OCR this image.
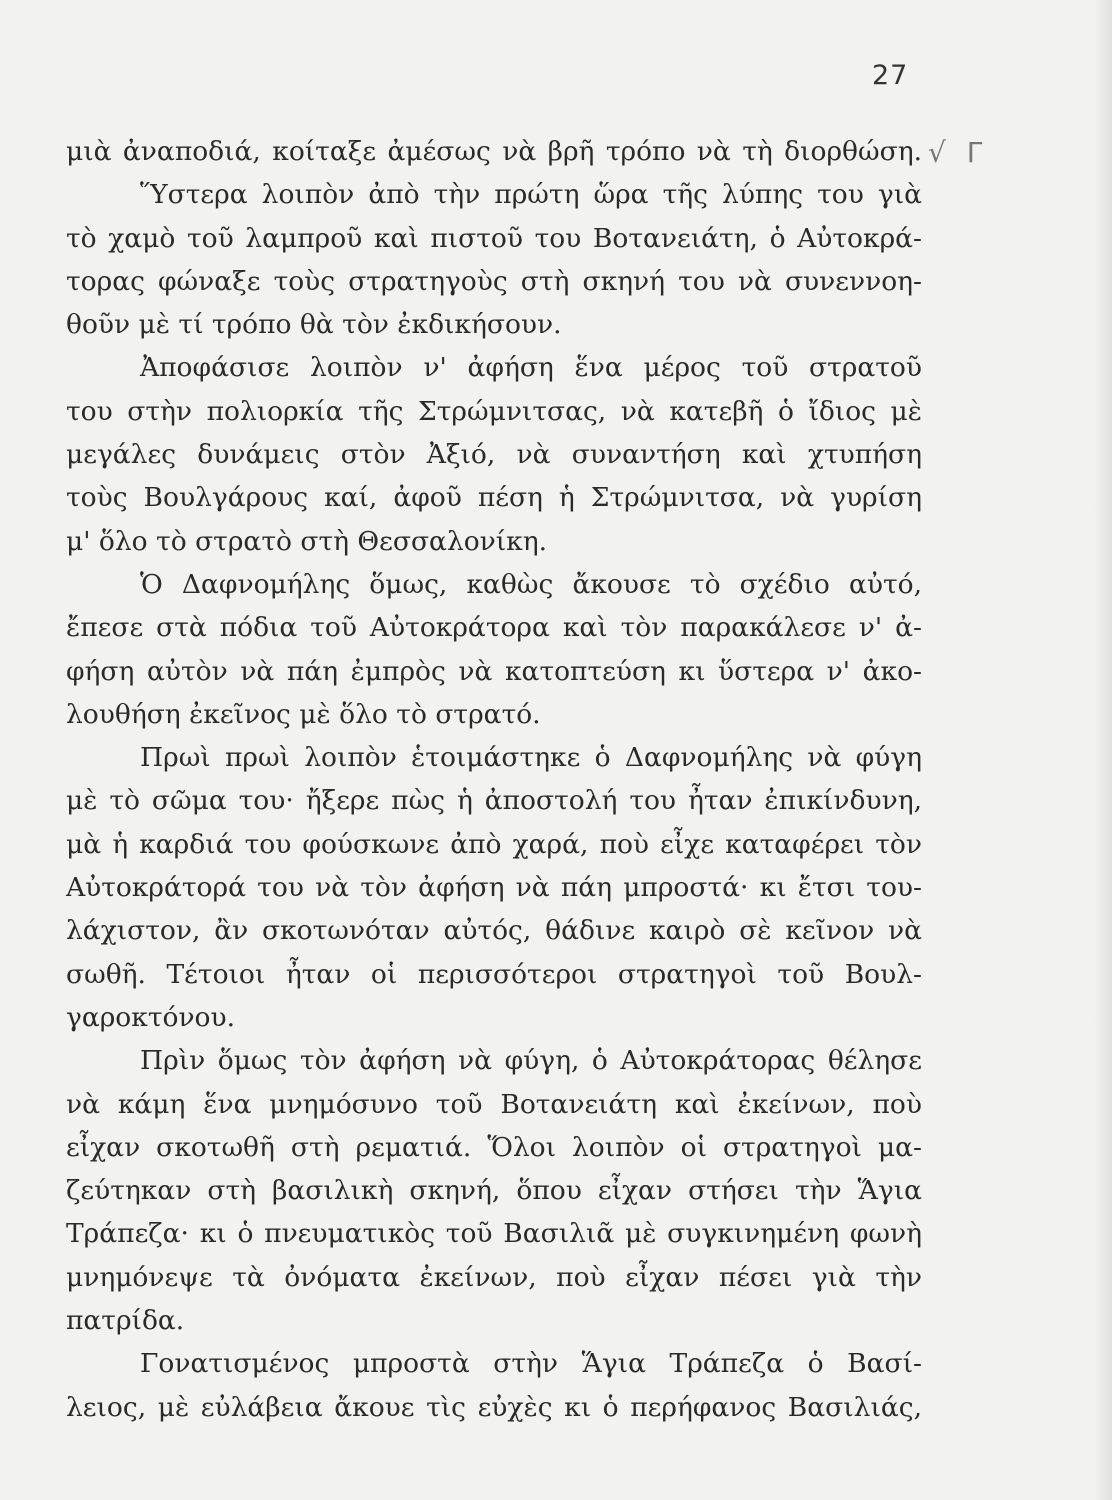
27
√ Γ
μιὰ ἀναποδιά, κοίταξε ἀμέσως νὰ βρῆ τρόπο νὰ τὴ διορθώση.
Ὕστερα λοιπὸν ἀπὸ τὴν πρώτη ὥρα τῆς λύπης του γιὰ
τὸ χαμὸ τοῦ λαμπροῦ καὶ πιστοῦ του Βοτανειάτη, ὁ Αὐτοκρά-
τορας φώναξε τοὺς στρατηγοὺς στὴ σκηνή του νὰ συνεννοη-
θοῦν μὲ τί τρόπο θὰ τὸν ἐκδικήσουν.
Ἀποφάσισε λοιπὸν ν' ἀφήση ἕνα μέρος τοῦ στρατοῦ
του στὴν πολιορκία τῆς Στρώμνιτσας, νὰ κατεβῆ ὁ ἴδιος μὲ
μεγάλες δυνάμεις στὸν Ἀξιό, νὰ συναντήση καὶ χτυπήση
τοὺς Βουλγάρους καί, ἀφοῦ πέση ἡ Στρώμνιτσα, νὰ γυρίση
μ' ὅλο τὸ στρατὸ στὴ Θεσσαλονίκη.
Ὁ Δαφνομήλης ὅμως, καθὼς ἄκουσε τὸ σχέδιο αὐτό,
ἔπεσε στὰ πόδια τοῦ Αὐτοκράτορα καὶ τὸν παρακάλεσε ν' ἀ-
φήση αὐτὸν νὰ πάη ἐμπρὸς νὰ κατοπτεύση κι ὕστερα ν' ἀκο-
λουθήση ἐκεῖνος μὲ ὅλο τὸ στρατό.
Πρωὶ πρωὶ λοιπὸν ἑτοιμάστηκε ὁ Δαφνομήλης νὰ φύγη
μὲ τὸ σῶμα του· ἤξερε πὼς ἡ ἀποστολή του ἦταν ἐπικίνδυνη,
μὰ ἡ καρδιά του φούσκωνε ἀπὸ χαρά, ποὺ εἶχε καταφέρει τὸν
Αὐτοκράτορά του νὰ τὸν ἀφήση νὰ πάη μπροστά· κι ἔτσι του-
λάχιστον, ἂν σκοτωνόταν αὐτός, θάδινε καιρὸ σὲ κεῖνον νὰ
σωθῆ. Τέτοιοι ἦταν οἱ περισσότεροι στρατηγοὶ τοῦ Βουλ-
γαροκτόνου.
Πρὶν ὅμως τὸν ἀφήση νὰ φύγη, ὁ Αὐτοκράτορας θέλησε
νὰ κάμη ἕνα μνημόσυνο τοῦ Βοτανειάτη καὶ ἐκείνων, ποὺ
εἶχαν σκοτωθῆ στὴ ρεματιά. Ὅλοι λοιπὸν οἱ στρατηγοὶ μα-
ζεύτηκαν στὴ βασιλικὴ σκηνή, ὅπου εἶχαν στήσει τὴν Ἅγια
Τράπεζα· κι ὁ πνευματικὸς τοῦ Βασιλιᾶ μὲ συγκινημένη φωνὴ
μνημόνεψε τὰ ὀνόματα ἐκείνων, ποὺ εἶχαν πέσει γιὰ τὴν
πατρίδα.
Γονατισμένος μπροστὰ στὴν Ἅγια Τράπεζα ὁ Βασί-
λειος, μὲ εὐλάβεια ἄκουε τὶς εὐχὲς κι ὁ περήφανος Βασιλιάς,
